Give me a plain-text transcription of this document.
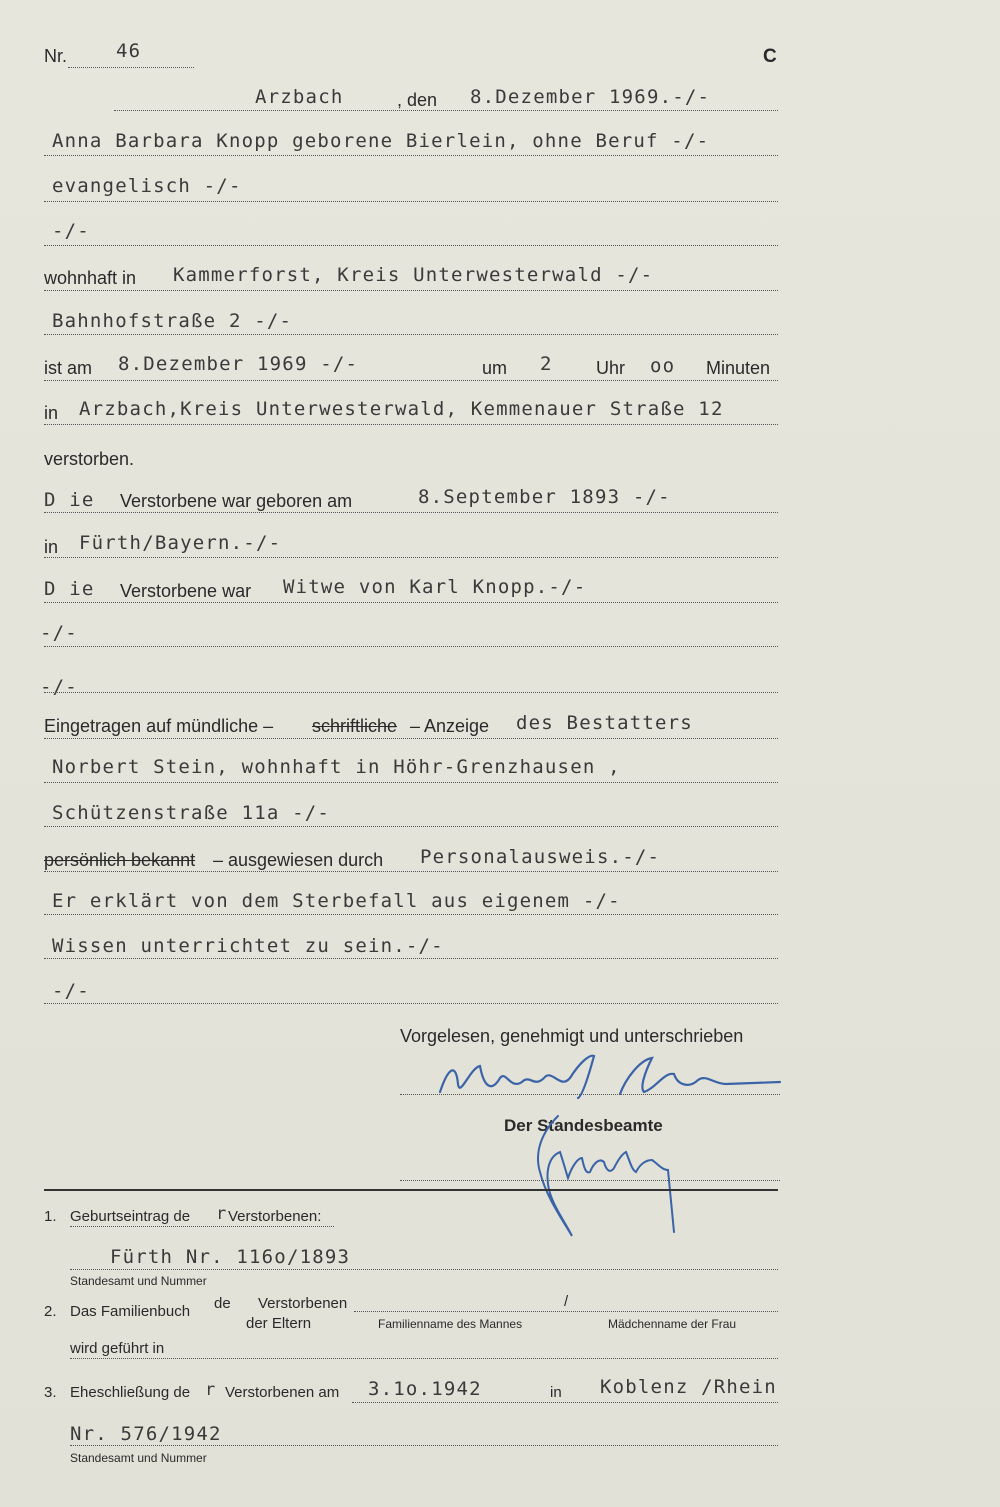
Nr.	46	C
Arzbach	, den 8.Dezember 1969.-/-
Anna Barbara Knopp geborene Bierlein, ohne Beruf -/-
evangelisch -/-
-/-
wohnhaft in Kammerforst, Kreis Unterwesterwald -/-
Bahnhofstraße 2 -/-
ist am 8.Dezember 1969 -/-	um 2 Uhr oo Minuten
in Arzbach,Kreis Unterwesterwald, Kemmenauer Straße 12
verstorben.
D ie Verstorbene war geboren am	8.September 1893 -/-
in Fürth/Bayern.-/-
D ie Verstorbene war Witwe von Karl Knopp.-/-
-/-
-/-
Eingetragen auf mündliche – schriftliche – Anzeige des Bestatters
Norbert Stein, wohnhaft in Höhr-Grenzhausen ,
Schützenstraße 11a -/-
persönlich bekannt – ausgewiesen durch Personalausweis.-/-
Er erklärt von dem Sterbefall aus eigenem -/-
Wissen unterrichtet zu sein.-/-
-/-
Vorgelesen, genehmigt und unterschrieben
Der Standesbeamte
1. Geburtseintrag de r Verstorbenen:
Fürth Nr. 116o/1893
Standesamt und Nummer
2. Das Familienbuch de Verstorbenen	/
der Eltern	Familienname des Mannes	Mädchenname der Frau
wird geführt in
3. Eheschließung de r Verstorbenen am 3.1o.1942	in Koblenz /Rhein
Nr. 576/1942
Standesamt und Nummer
